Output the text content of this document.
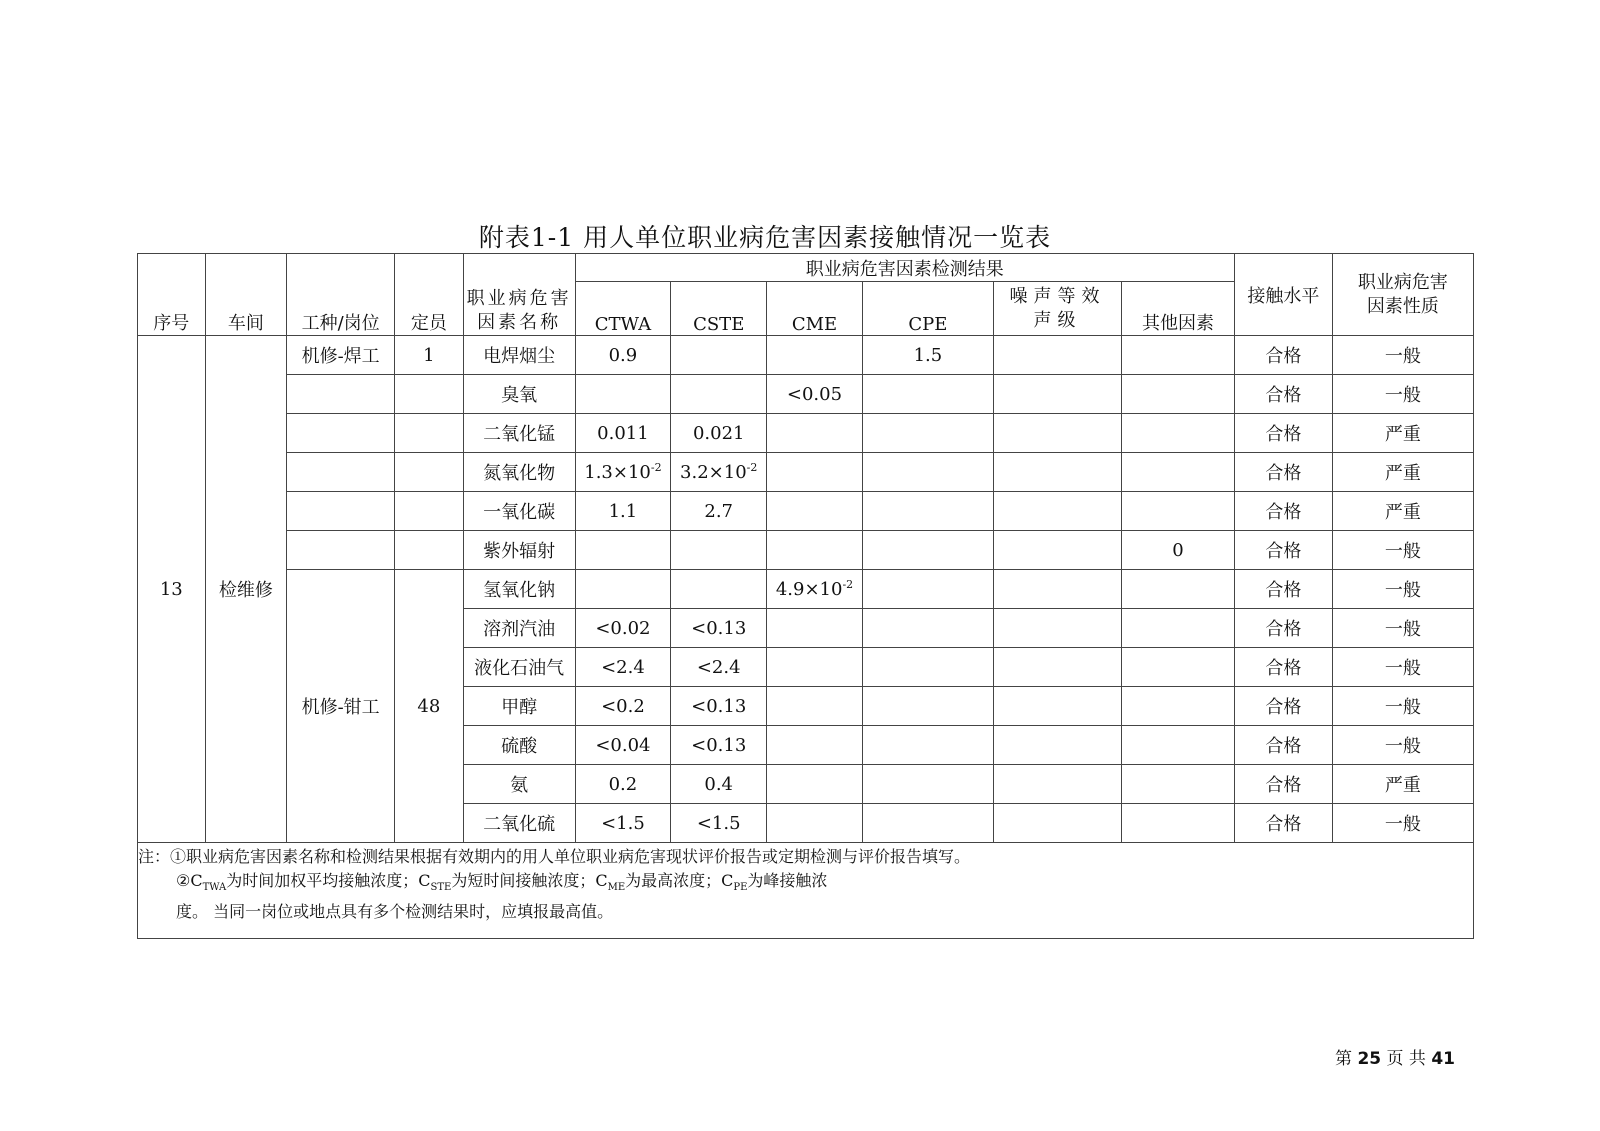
附表1-1 用人单位职业病危害因素接触情况一览表
序号	车间	工种/岗位	定员	职业病危害因素名称	职业病危害因素检测结果						接触水平	职业病危害因素性质
					CTWA	CSTE	CME	CPE	噪声等效声级	其他因素		
13	检维修	机修-焊工	1	电焊烟尘	0.9			1.5			合格	一般
				臭氧			<0.05				合格	一般
				二氧化锰	0.011	0.021					合格	严重
				氮氧化物	$1.3\times 10^{-2}$	$3.2\times 10^{-2}$					合格	严重
				一氧化碳	1.1	2.7					合格	严重
				紫外辐射						0	合格	一般
		机修-钳工	48	氢氧化钠			$4.9\times 10^{-2}$				合格	一般
				溶剂汽油	<0.02	<0.13					合格	一般
				液化石油气	<2.4	<2.4					合格	一般
				甲醇	<0.2	<0.13					合格	一般
				硫酸	<0.04	<0.13					合格	一般
				氨	0.2	0.4					合格	严重
				二氧化硫	<1.5	<1.5					合格	一般

注：①职业病危害因素名称和检测结果根据有效期内的用人单位职业病危害现状评价报告或定期检测与评价报告填写。
$②C_{TWA}$为时间加权平均接触浓度；$C_{STE}$为短时间接触浓度；$C_{ME}$为最高浓度；$C_{PE}$为峰接触浓
度。 当同一岗位或地点具有多个检测结果时，应填报最高值。												
第 25 页 共 41
